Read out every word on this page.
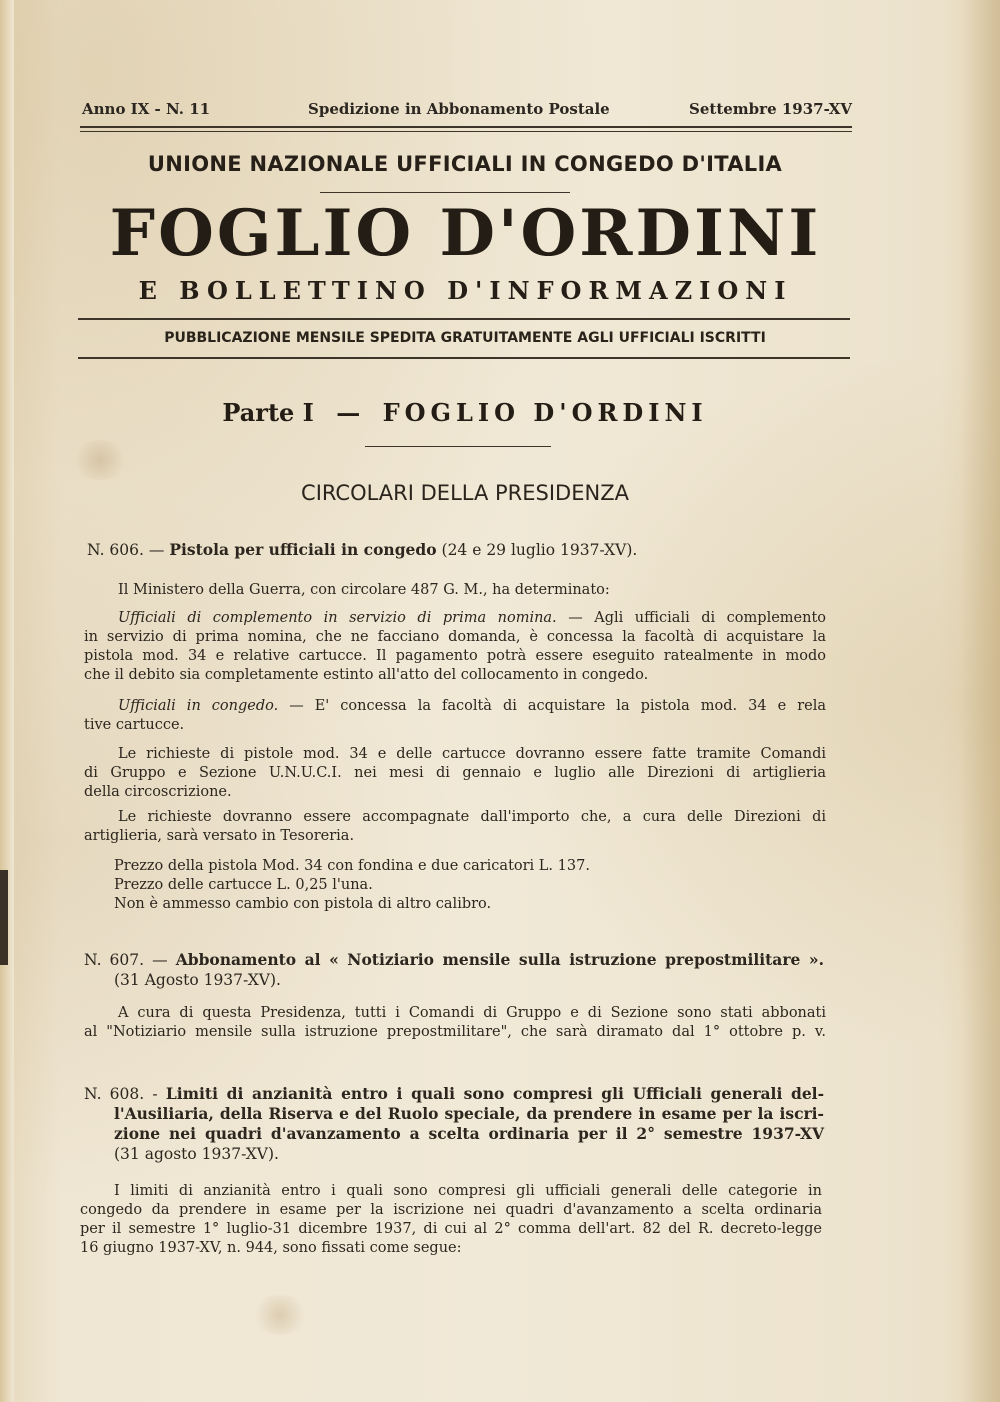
Anno IX - N. 11	Spedizione in Abbonamento Postale	Settembre 1937-XV
UNIONE NAZIONALE UFFICIALI IN CONGEDO D'ITALIA
FOGLIO D'ORDINI
E BOLLETTINO D'INFORMAZIONI
PUBBLICAZIONE MENSILE SPEDITA GRATUITAMENTE AGLI UFFICIALI ISCRITTI
Parte I — FOGLIO D'ORDINI
CIRCOLARI DELLA PRESIDENZA
N. 606. — Pistola per ufficiali in congedo (24 e 29 luglio 1937-XV).
Il Ministero della Guerra, con circolare 487 G. M., ha determinato:

Ufficiali di complemento in servizio di prima nomina. — Agli ufficiali di complemento

in servizio di prima nomina, che ne facciano domanda, è concessa la facoltà di acquistare la

pistola mod. 34 e relative cartucce. Il pagamento potrà essere eseguito ratealmente in modo

che il debito sia completamente estinto all'atto del collocamento in congedo.

Ufficiali in congedo. — E' concessa la facoltà di acquistare la pistola mod. 34 e rela

tive cartucce.

Le richieste di pistole mod. 34 e delle cartucce dovranno essere fatte tramite Comandi

di Gruppo e Sezione U.N.U.C.I. nei mesi di gennaio e luglio alle Direzioni di artiglieria

della circoscrizione.

Le richieste dovranno essere accompagnate dall'importo che, a cura delle Direzioni di

artiglieria, sarà versato in Tesoreria.

Prezzo della pistola Mod. 34 con fondina e due caricatori L. 137.

Prezzo delle cartucce L. 0,25 l'una.

Non è ammesso cambio con pistola di altro calibro.

N. 607. — Abbonamento al « Notiziario mensile sulla istruzione prepostmilitare ».

(31 Agosto 1937-XV).

A cura di questa Presidenza, tutti i Comandi di Gruppo e di Sezione sono stati abbonati

al "Notiziario mensile sulla istruzione prepostmilitare", che sarà diramato dal 1° ottobre p. v.

N. 608. - Limiti di anzianità entro i quali sono compresi gli Ufficiali generali del-

l'Ausiliaria, della Riserva e del Ruolo speciale, da prendere in esame per la iscri-

zione nei quadri d'avanzamento a scelta ordinaria per il 2° semestre 1937-XV

(31 agosto 1937-XV).

I limiti di anzianità entro i quali sono compresi gli ufficiali generali delle categorie in

congedo da prendere in esame per la iscrizione nei quadri d'avanzamento a scelta ordinaria

per il semestre 1° luglio-31 dicembre 1937, di cui al 2° comma dell'art. 82 del R. decreto-legge

16 giugno 1937-XV, n. 944, sono fissati come segue:
